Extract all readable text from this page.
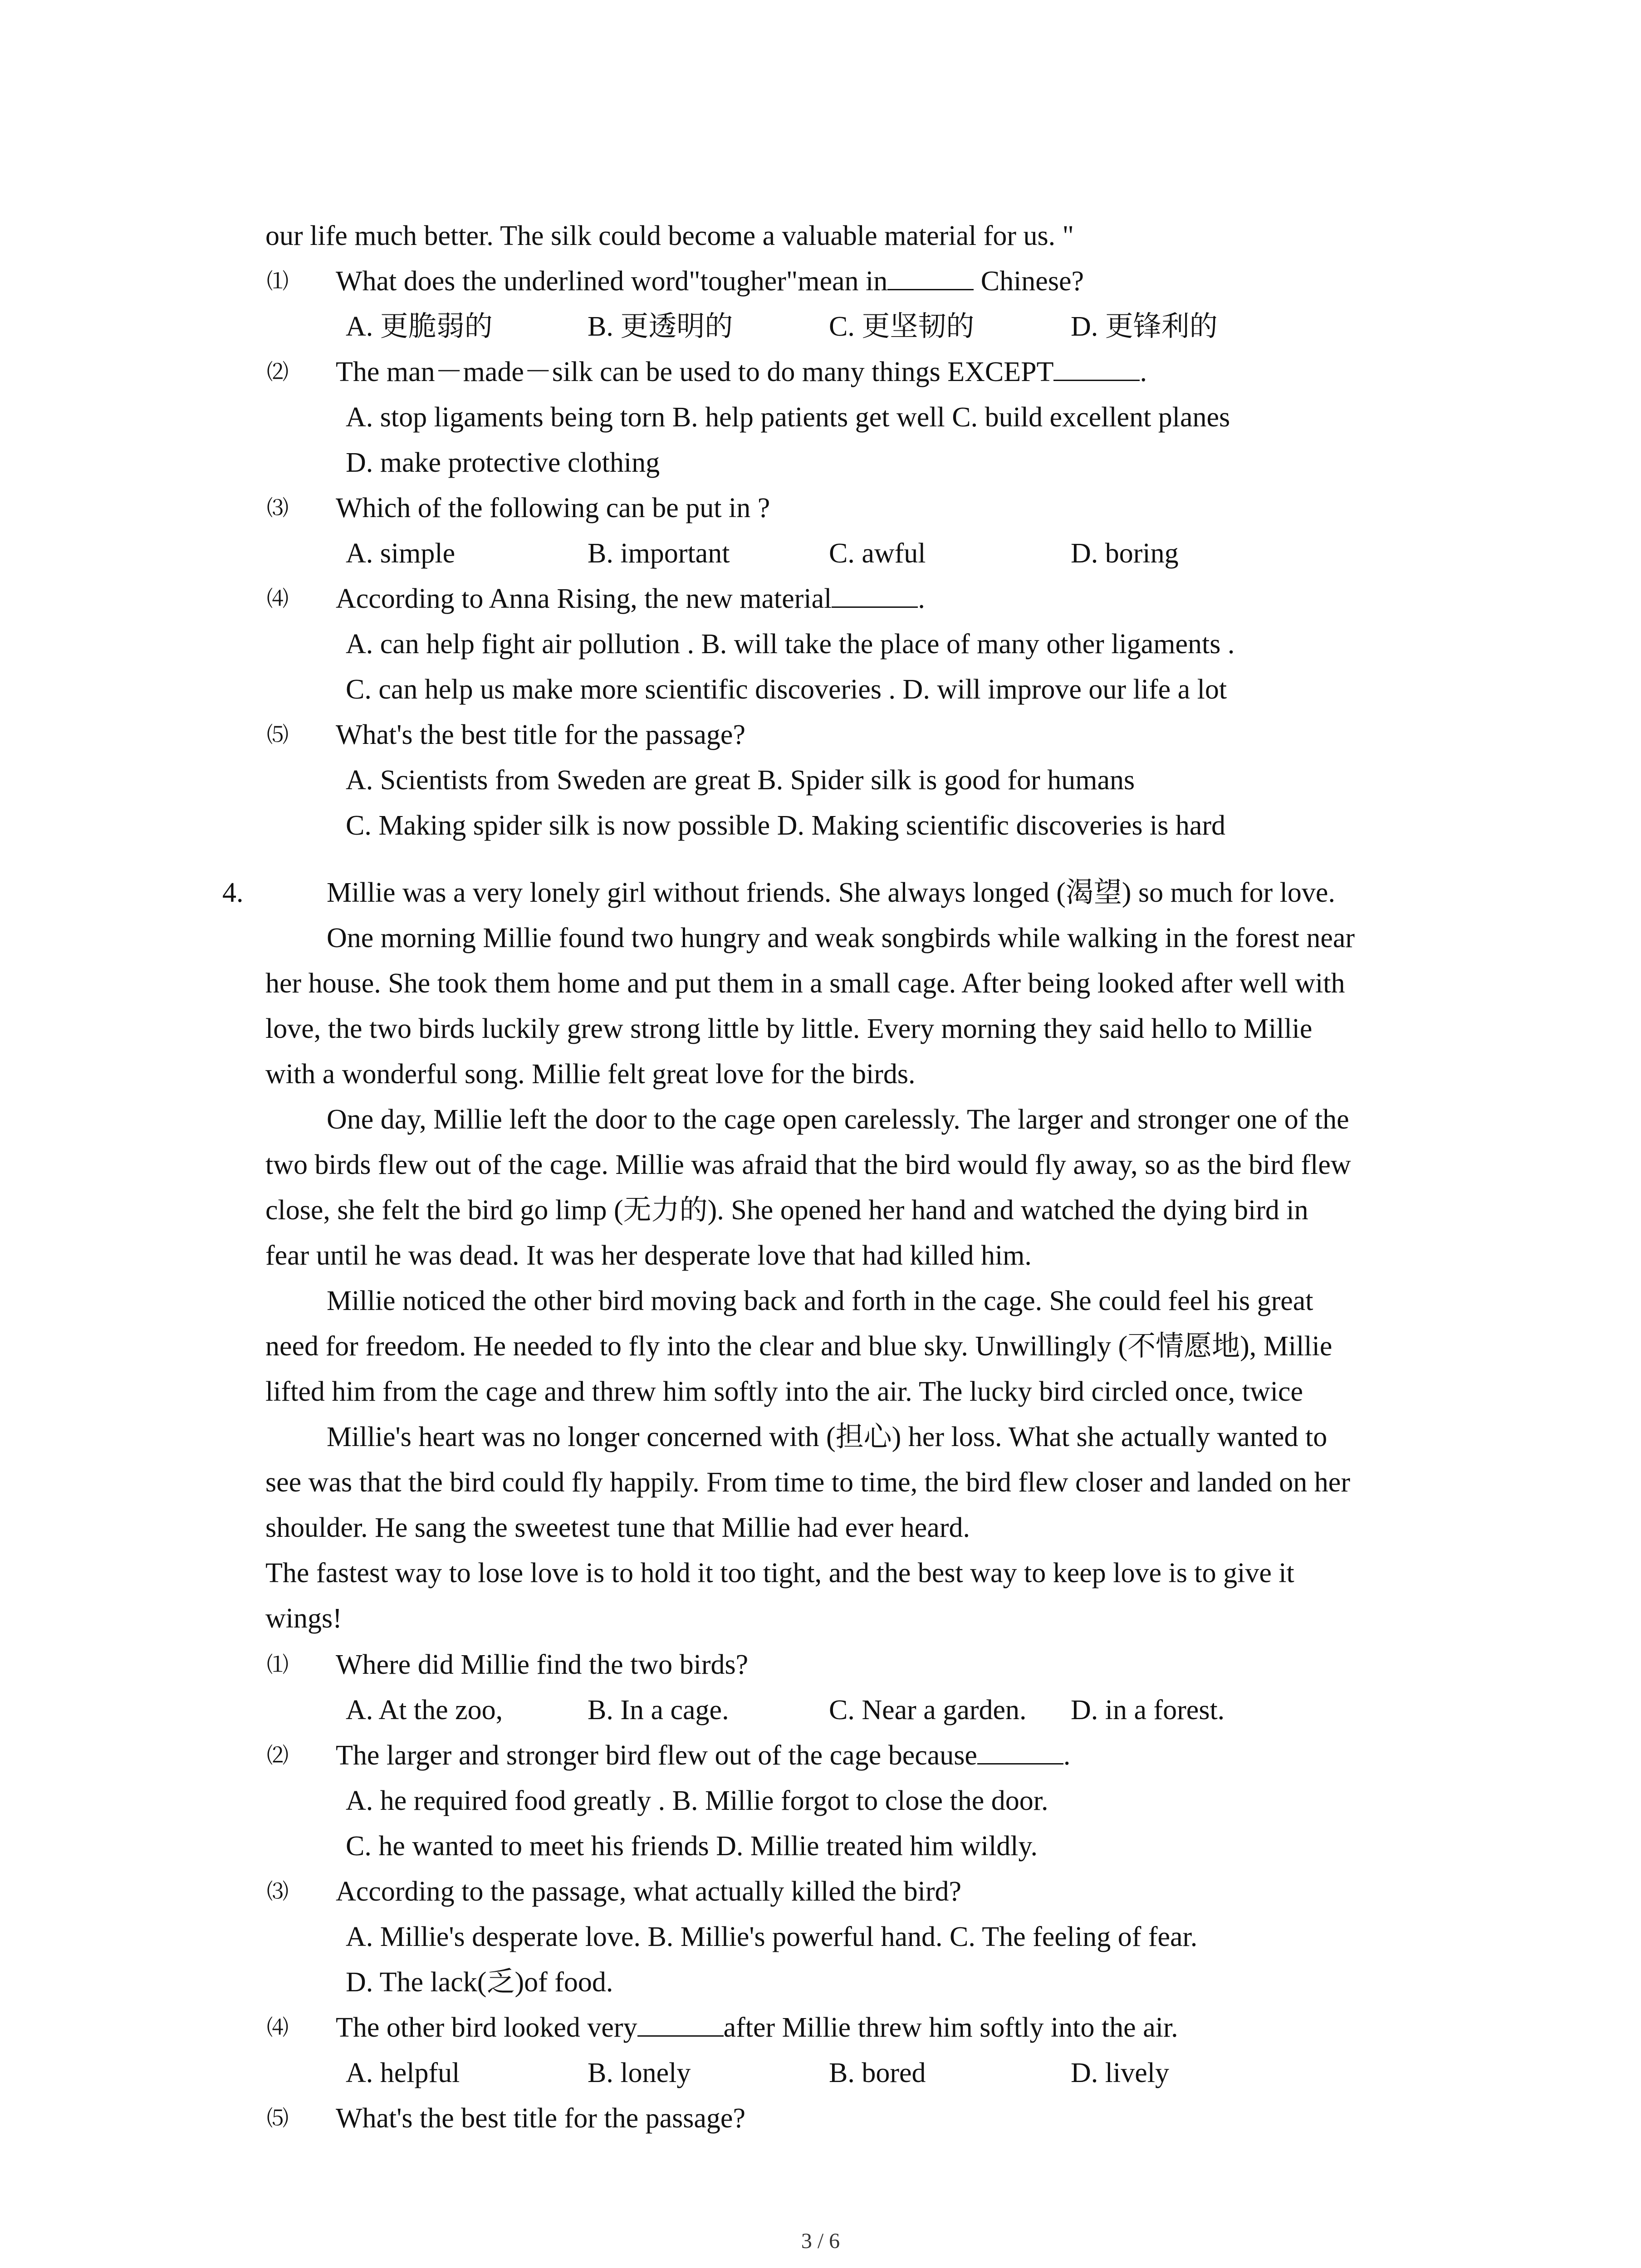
our life much better. The silk could become a valuable material for us. "
⑴ What does the underlined word"tougher"mean in	Chinese?
A. 更脆弱的	B. 更透明的	C. 更坚韧的	D. 更锋利的
⑵ The man－made－silk can be used to do many things EXCEPT	.
A. stop ligaments being torn B. help patients get well C. build excellent planes
D. make protective clothing
⑶ Which of the following can be put in ?
A. simple	B. important	C. awful	D. boring
⑷ According to Anna Rising, the new material	.
A. can help fight air pollution . B. will take the place of many other ligaments .
C. can help us make more scientific discoveries . D. will improve our life a lot
⑸ What's the best title for the passage?
A. Scientists from Sweden are great B. Spider silk is good for humans
C. Making spider silk is now possible D. Making scientific discoveries is hard
4.	Millie was a very lonely girl without friends. She always longed (渴望) so much for love.
One morning Millie found two hungry and weak songbirds while walking in the forest near
her house. She took them home and put them in a small cage. After being looked after well with
love, the two birds luckily grew strong little by little. Every morning they said hello to Millie
with a wonderful song. Millie felt great love for the birds.
One day, Millie left the door to the cage open carelessly. The larger and stronger one of the
two birds flew out of the cage. Millie was afraid that the bird would fly away, so as the bird flew
close, she felt the bird go limp (无力的). She opened her hand and watched the dying bird in
fear until he was dead. It was her desperate love that had killed him.
Millie noticed the other bird moving back and forth in the cage. She could feel his great
need for freedom. He needed to fly into the clear and blue sky. Unwillingly (不情愿地), Millie
lifted him from the cage and threw him softly into the air. The lucky bird circled once, twice
Millie's heart was no longer concerned with (担心) her loss. What she actually wanted to
see was that the bird could fly happily. From time to time, the bird flew closer and landed on her
shoulder. He sang the sweetest tune that Millie had ever heard.
The fastest way to lose love is to hold it too tight, and the best way to keep love is to give it
wings!
⑴ Where did Millie find the two birds?
A. At the zoo,	B. In a cage.	C. Near a garden. D. in a forest.
⑵ The larger and stronger bird flew out of the cage because	.
A. he required food greatly . B. Millie forgot to close the door.
C. he wanted to meet his friends D. Millie treated him wildly.
⑶ According to the passage, what actually killed the bird?
A. Millie's desperate love. B. Millie's powerful hand. C. The feeling of fear.
D. The lack(乏)of food.
⑷ The other bird looked very	after Millie threw him softly into the air.
A. helpful	B. lonely	B. bored	D. lively
⑸ What's the best title for the passage?
3 / 6
